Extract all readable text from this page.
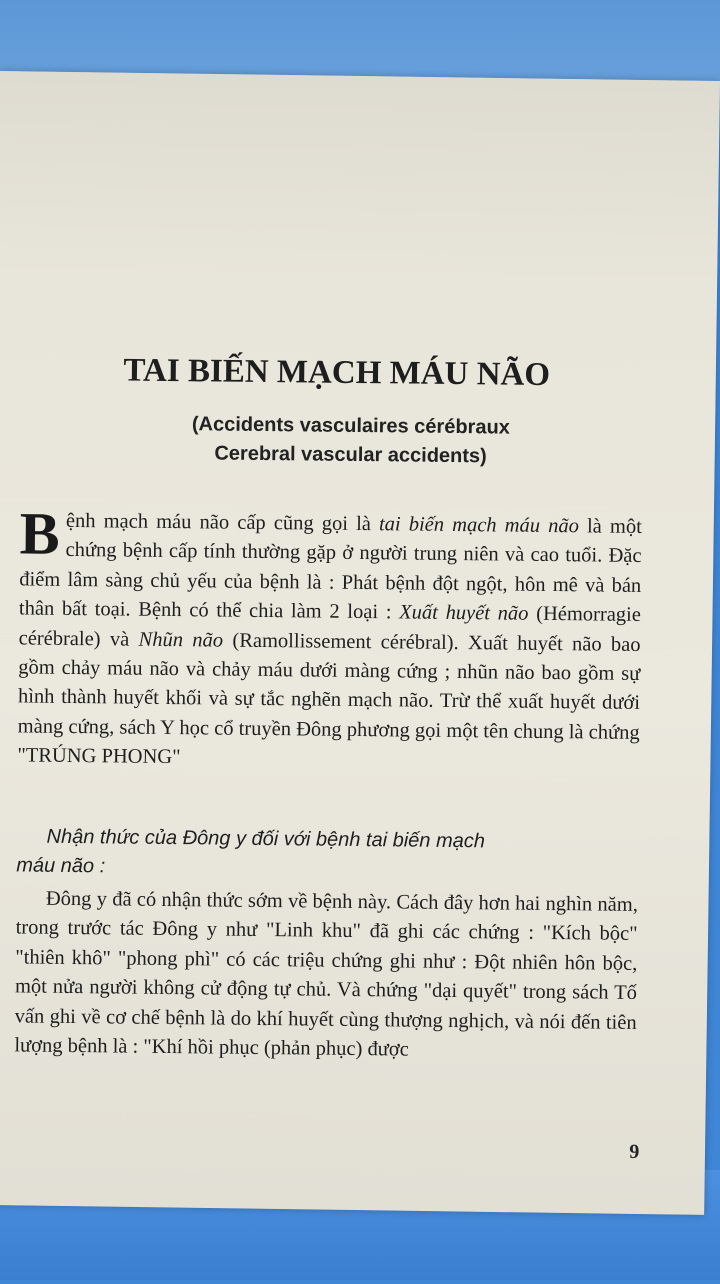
TAI BIẾN MẠCH MÁU NÃO

(Accidents vasculaires cérébraux

Cerebral vascular accidents)

Bệnh mạch máu não cấp cũng gọi là tai biến mạch máu não là một chứng bệnh cấp tính thường gặp ở người trung niên và cao tuổi. Đặc điểm lâm sàng chủ yếu của bệnh là : Phát bệnh đột ngột, hôn mê và bán thân bất toại. Bệnh có thể chia làm 2 loại : Xuất huyết não (Hémorragie cérébrale) và Nhũn não (Ramollissement cérébral). Xuất huyết não bao gồm chảy máu não và chảy máu dưới màng cứng ; nhũn não bao gồm sự hình thành huyết khối và sự tắc nghẽn mạch não. Trừ thể xuất huyết dưới màng cứng, sách Y học cổ truyền Đông phương gọi một tên chung là chứng "TRÚNG PHONG"
Nhận thức của Đông y đối với bệnh tai biến mạch
máu não :
Đông y đã có nhận thức sớm về bệnh này. Cách đây hơn hai nghìn năm, trong trước tác Đông y như "Linh khu" đã ghi các chứng : "Kích bộc" "thiên khô" "phong phì" có các triệu chứng ghi như : Đột nhiên hôn bộc, một nửa người không cử động tự chủ. Và chứng "dại quyết" trong sách Tố vấn ghi về cơ chế bệnh là do khí huyết cùng thượng nghịch, và nói đến tiên lượng bệnh là : "Khí hồi phục (phản phục) được
9
